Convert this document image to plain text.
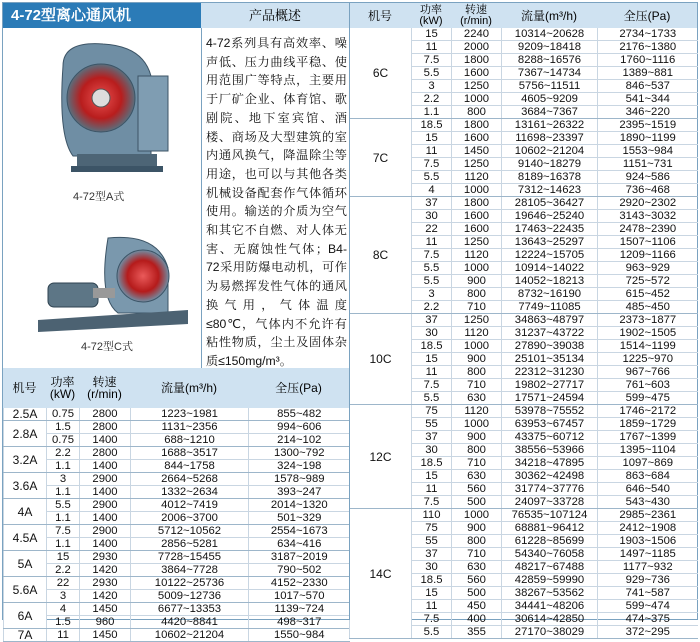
4-72型离心通风机	产品概述
4-72型A式
4-72型C式
4-72系列具有高效率、噪声低、压力曲线平稳、使用范围广等特点，主要用于厂矿企业、体育馆、歌剧院、地下室宾馆、酒楼、商场及大型建筑的室内通风换气，降温除尘等用途，也可以与其他各类机械设备配套作气体循环使用。输送的介质为空气和其它不自燃、对人体无害、无腐蚀性气体；B4-72采用防爆电动机，可作为易燃挥发性气体的通风换气用，气体温度≤80℃，气体内不允许有粘性物质，尘土及固体杂质≤150mg/m³。
机号	功率
(kW)
转速
(r/min)	流量(m³/h)	全压(Pa)
2.5A	0.75	2800	1223~1981	855~482
2.8A	1.5	2800	1131~2356	994~606
	0.75	1400	688~1210	214~102
3.2A	2.2	2800	1688~3517	1300~792
	1.1	1400	844~1758	324~198
3.6A	3	2900	2664~5268	1578~989
	1.1	1400	1332~2634	393~247
4A	5.5	2900	4012~7419	2014~1320
	1.1	1400	2006~3700	501~329
4.5A	7.5	2900	5712~10562	2554~1673
	1.1	1400	2856~5281	634~416
5A	15	2930	7728~15455	3187~2019
	2.2	1420	3864~7728	790~502
5.6A	22	2930	10122~25736	4152~2330
	3	1420	5009~12736	1017~570
6A	4	1450	6677~13353	1139~724
	1.5	960	4420~8841	498~317
7A	11	1450	10602~21204	1550~984
机号	功率
(kW)
转速
(r/min)	流量(m³/h)	全压(Pa)
6C	15	2240	10314~20628	2734~1733
	11	2000	9209~18418	2176~1380
	7.5	1800	8288~16576	1760~1116
	5.5	1600	7367~14734	1389~881
	3	1250	5756~11511	846~537
	2.2	1000	4605~9209	541~344
	1.1	800	3684~7367	346~220
7C	18.5	1800	13161~26322	2395~1519
	15	1600	11698~23397	1890~1199
	11	1450	10602~21204	1553~984
	7.5	1250	9140~18279	1151~731
	5.5	1120	8189~16378	924~586
	4	1000	7312~14623	736~468
8C	37	1800	28105~36427	2920~2302
	30	1600	19646~25240	3143~3032
	22	1600	17463~22435	2478~2390
	11	1250	13643~25297	1507~1106
	7.5	1120	12224~15705	1209~1166
	5.5	1000	10914~14022	963~929
	5.5	900	14052~18213	725~572
	3	800	8732~16190	615~452
	2.2	710	7749~11085	485~450
10C	37	1250	34863~48797	2373~1877
	30	1120	31237~43722	1902~1505
	18.5	1000	27890~39038	1514~1199
	15	900	25101~35134	1225~970
	11	800	22312~31230	967~766
	7.5	710	19802~27717	761~603
	5.5	630	17571~24594	599~475
12C	75	1120	53978~75552	1746~2172
	55	1000	63953~67457	1859~1729
	37	900	43375~60712	1767~1399
	30	800	38556~53966	1395~1104
	18.5	710	34218~47895	1097~869
	15	630	30362~42498	863~684
	11	560	31774~37776	646~540
	7.5	500	24097~33728	543~430
14C	110	1000	76535~107124	2985~2361
	75	900	68881~96412	2412~1908
	55	800	61228~85699	1903~1506
	37	710	54340~76058	1497~1185
	30	630	48217~67488	1177~932
	18.5	560	42859~59990	929~736
	15	500	38267~53562	741~587
	11	450	34441~48206	599~474
	7.5	400	30614~42850	474~375
	5.5	355	27170~38029	372~295
